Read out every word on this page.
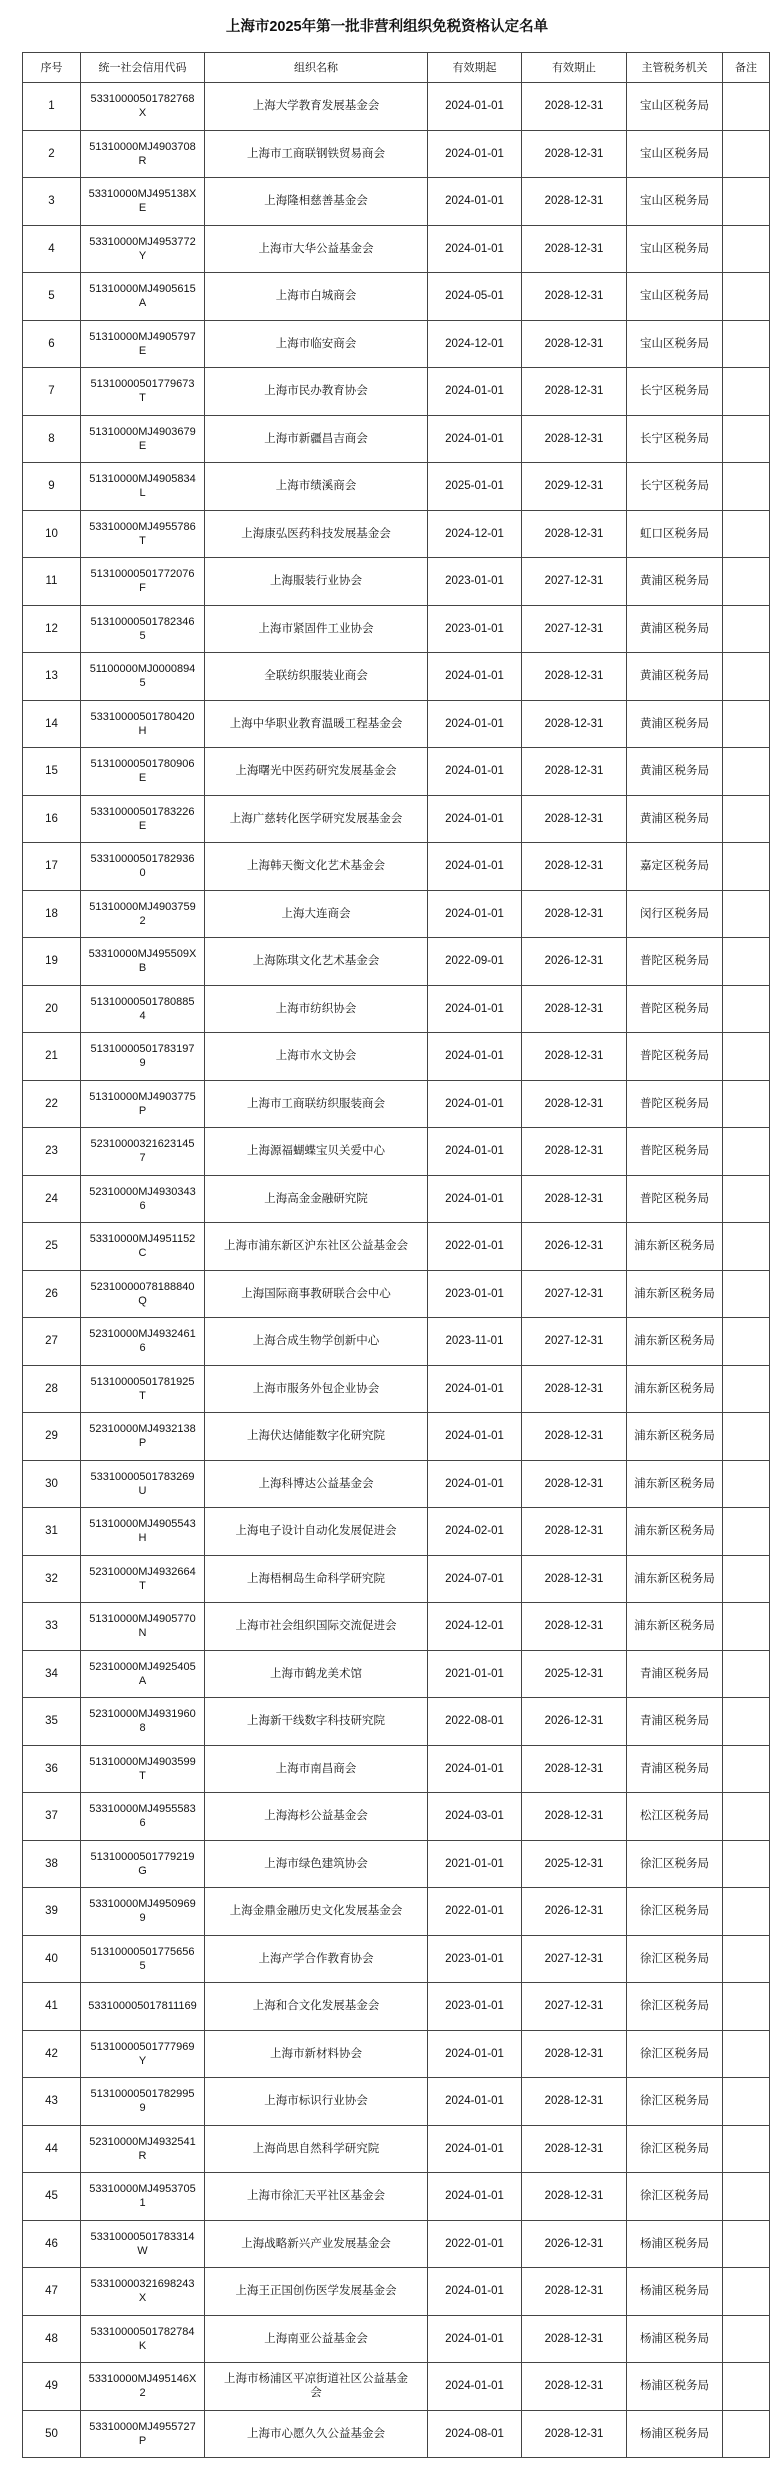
上海市2025年第一批非营利组织免税资格认定名单
序号	统一社会信用代码	组织名称	有效期起	有效期止	主管税务机关	备注

1	53310000501782768X	上海大学教育发展基金会	2024-01-01	2028-12-31	宝山区税务局	

2	51310000MJ4903708R	上海市工商联钢铁贸易商会	2024-01-01	2028-12-31	宝山区税务局	

3	53310000MJ495138XE	上海隆相慈善基金会	2024-01-01	2028-12-31	宝山区税务局	

4	53310000MJ4953772Y	上海市大华公益基金会	2024-01-01	2028-12-31	宝山区税务局	

5	51310000MJ4905615A	上海市白城商会	2024-05-01	2028-12-31	宝山区税务局	

6	51310000MJ4905797E	上海市临安商会	2024-12-01	2028-12-31	宝山区税务局	

7	51310000501779673T	上海市民办教育协会	2024-01-01	2028-12-31	长宁区税务局	

8	51310000MJ4903679E	上海市新疆昌吉商会	2024-01-01	2028-12-31	长宁区税务局	

9	51310000MJ4905834L	上海市绩溪商会	2025-01-01	2029-12-31	长宁区税务局	

10	53310000MJ4955786T	上海康弘医药科技发展基金会	2024-12-01	2028-12-31	虹口区税务局	

11	51310000501772076F	上海服装行业协会	2023-01-01	2027-12-31	黄浦区税务局	

12	513100005017823465	上海市紧固件工业协会	2023-01-01	2027-12-31	黄浦区税务局	

13	51100000MJ00008945	全联纺织服装业商会	2024-01-01	2028-12-31	黄浦区税务局	

14	53310000501780420H	上海中华职业教育温暖工程基金会	2024-01-01	2028-12-31	黄浦区税务局	

15	51310000501780906E	上海曙光中医药研究发展基金会	2024-01-01	2028-12-31	黄浦区税务局	

16	53310000501783226E	上海广慈转化医学研究发展基金会	2024-01-01	2028-12-31	黄浦区税务局	

17	533100005017829360	上海韩天衡文化艺术基金会	2024-01-01	2028-12-31	嘉定区税务局	

18	51310000MJ49037592	上海大连商会	2024-01-01	2028-12-31	闵行区税务局	

19	53310000MJ495509XB	上海陈琪文化艺术基金会	2022-09-01	2026-12-31	普陀区税务局	

20	513100005017808854	上海市纺织协会	2024-01-01	2028-12-31	普陀区税务局	

21	513100005017831979	上海市水文协会	2024-01-01	2028-12-31	普陀区税务局	

22	51310000MJ4903775P	上海市工商联纺织服装商会	2024-01-01	2028-12-31	普陀区税务局	

23	523100003216231457	上海源福蝴蝶宝贝关爱中心	2024-01-01	2028-12-31	普陀区税务局	

24	52310000MJ49303436	上海高金金融研究院	2024-01-01	2028-12-31	普陀区税务局	

25	53310000MJ4951152C	上海市浦东新区沪东社区公益基金会	2022-01-01	2026-12-31	浦东新区税务局	

26	52310000078188840Q	上海国际商事教研联合会中心	2023-01-01	2027-12-31	浦东新区税务局	

27	52310000MJ49324616	上海合成生物学创新中心	2023-11-01	2027-12-31	浦东新区税务局	

28	51310000501781925T	上海市服务外包企业协会	2024-01-01	2028-12-31	浦东新区税务局	

29	52310000MJ4932138P	上海伏达储能数字化研究院	2024-01-01	2028-12-31	浦东新区税务局	

30	53310000501783269U	上海科博达公益基金会	2024-01-01	2028-12-31	浦东新区税务局	

31	51310000MJ4905543H	上海电子设计自动化发展促进会	2024-02-01	2028-12-31	浦东新区税务局	

32	52310000MJ4932664T	上海梧桐岛生命科学研究院	2024-07-01	2028-12-31	浦东新区税务局	

33	51310000MJ4905770N	上海市社会组织国际交流促进会	2024-12-01	2028-12-31	浦东新区税务局	

34	52310000MJ4925405A	上海市鹤龙美术馆	2021-01-01	2025-12-31	青浦区税务局	

35	52310000MJ49319608	上海新干线数字科技研究院	2022-08-01	2026-12-31	青浦区税务局	

36	51310000MJ4903599T	上海市南昌商会	2024-01-01	2028-12-31	青浦区税务局	

37	53310000MJ49555836	上海海杉公益基金会	2024-03-01	2028-12-31	松江区税务局	

38	51310000501779219G	上海市绿色建筑协会	2021-01-01	2025-12-31	徐汇区税务局	

39	53310000MJ49509699	上海金鼎金融历史文化发展基金会	2022-01-01	2026-12-31	徐汇区税务局	

40	513100005017756565	上海产学合作教育协会	2023-01-01	2027-12-31	徐汇区税务局	

41	533100005017811169	上海和合文化发展基金会	2023-01-01	2027-12-31	徐汇区税务局	

42	51310000501777969Y	上海市新材料协会	2024-01-01	2028-12-31	徐汇区税务局	

43	513100005017829959	上海市标识行业协会	2024-01-01	2028-12-31	徐汇区税务局	

44	52310000MJ4932541R	上海尚思自然科学研究院	2024-01-01	2028-12-31	徐汇区税务局	

45	53310000MJ49537051	上海市徐汇天平社区基金会	2024-01-01	2028-12-31	徐汇区税务局	

46	53310000501783314W	上海战略新兴产业发展基金会	2022-01-01	2026-12-31	杨浦区税务局	

47	53310000321698243X	上海王正国创伤医学发展基金会	2024-01-01	2028-12-31	杨浦区税务局	

48	53310000501782784K	上海南亚公益基金会	2024-01-01	2028-12-31	杨浦区税务局	

49	53310000MJ495146X2	上海市杨浦区平凉街道社区公益基金会	2024-01-01	2028-12-31	杨浦区税务局	

50	53310000MJ4955727P	上海市心愿久久公益基金会	2024-08-01	2028-12-31	杨浦区税务局	
